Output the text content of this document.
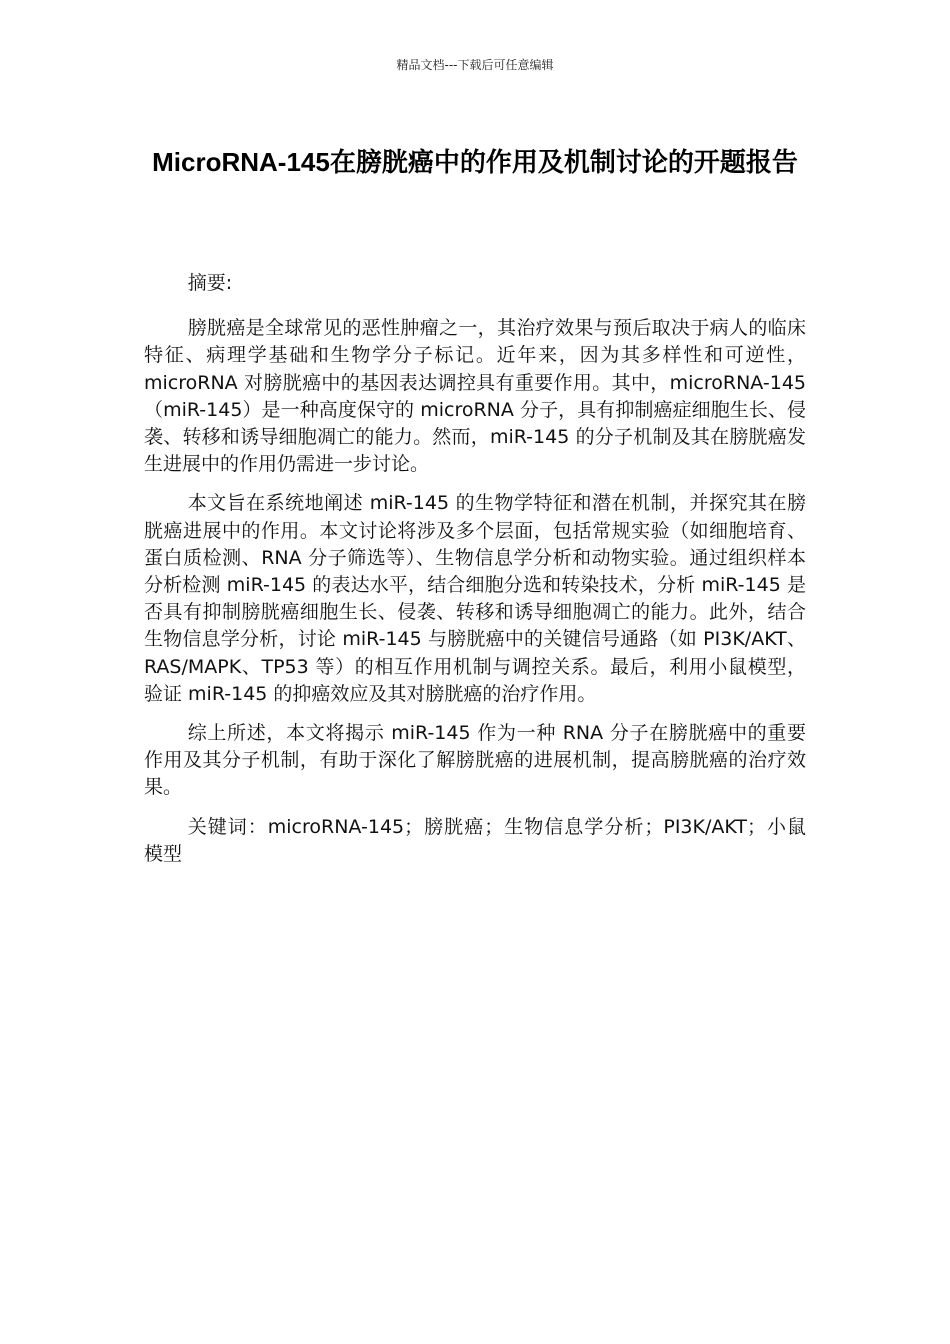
精品文档---下载后可任意编辑
MicroRNA-145在膀胱癌中的作用及机制讨论的开题报告

摘要:

膀胱癌是全球常见的恶性肿瘤之一，其治疗效果与预后取决于病人的临床特征、病理学基础和生物学分子标记。近年来，因为其多样性和可逆性，microRNA 对膀胱癌中的基因表达调控具有重要作用。其中，microRNA-145（miR-145）是一种高度保守的 microRNA 分子，具有抑制癌症细胞生长、侵袭、转移和诱导细胞凋亡的能力。然而，miR-145 的分子机制及其在膀胱癌发生进展中的作用仍需进一步讨论。

本文旨在系统地阐述 miR-145 的生物学特征和潜在机制，并探究其在膀胱癌进展中的作用。本文讨论将涉及多个层面，包括常规实验（如细胞培育、蛋白质检测、RNA 分子筛选等）、生物信息学分析和动物实验。通过组织样本分析检测 miR-145 的表达水平，结合细胞分选和转染技术，分析 miR-145 是否具有抑制膀胱癌细胞生长、侵袭、转移和诱导细胞凋亡的能力。此外，结合生物信息学分析，讨论 miR-145 与膀胱癌中的关键信号通路（如 PI3K/AKT、RAS/MAPK、TP53 等）的相互作用机制与调控关系。最后，利用小鼠模型，验证 miR-145 的抑癌效应及其对膀胱癌的治疗作用。

综上所述，本文将揭示 miR-145 作为一种 RNA 分子在膀胱癌中的重要作用及其分子机制，有助于深化了解膀胱癌的进展机制，提高膀胱癌的治疗效果。

关键词：microRNA-145；膀胱癌；生物信息学分析；PI3K/AKT；小鼠模型
